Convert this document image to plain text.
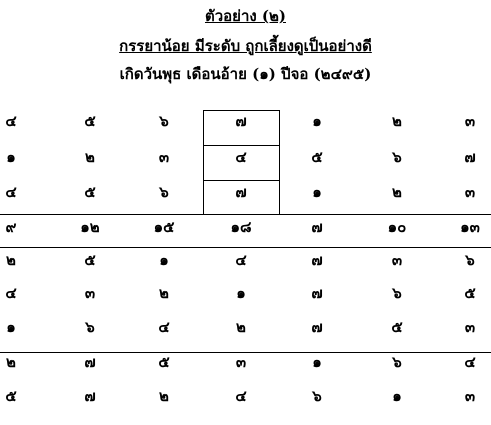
ตัวอย่าง (๒)
กรรยาน้อย มีระดับ ถูกเลี้ยงดูเป็นอย่างดี
เกิดวันพุธ เดือนอ้าย (๑) ปีจอ (๒๔๙๕)
๔	๕	๖	๗	๑	๒	๓
๑	๒	๓	๔	๕	๖	๗
๔	๕	๖	๗	๑	๒	๓
๙	๑๒	๑๕	๑๘	๗	๑๐	๑๓
๒	๕	๑	๔	๗	๓	๖
๔	๓	๒	๑	๗	๖	๕
๑	๖	๔	๒	๗	๕	๓
๒	๗	๕	๓	๑	๖	๔
๕	๗	๒	๔	๖	๑	๓
